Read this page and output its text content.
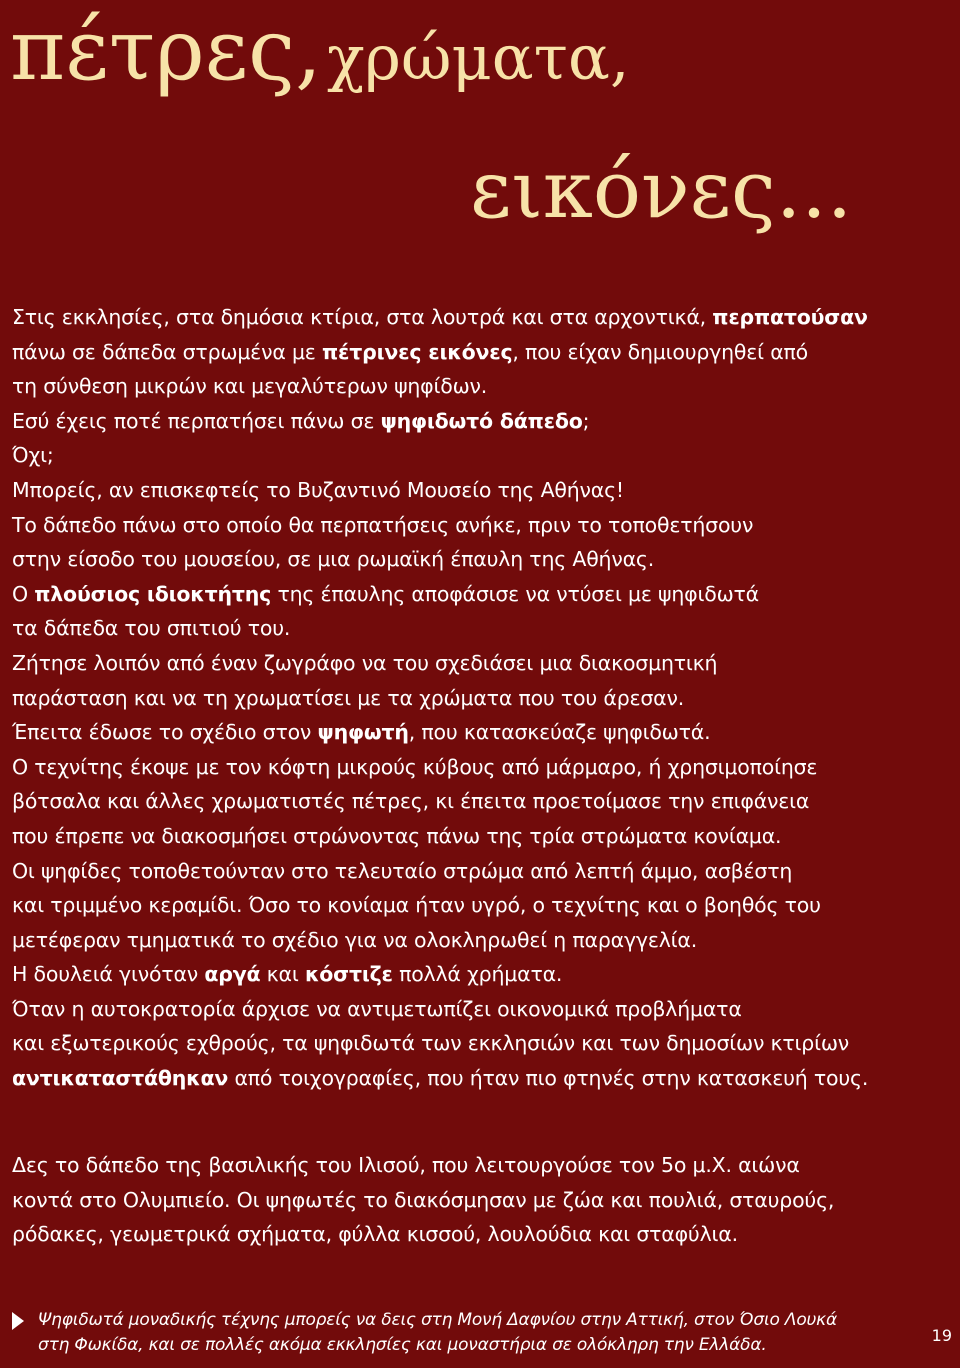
πέτρες, χρώματα,
εικόνες...

Στις εκκλησίες, στα δημόσια κτίρια, στα λουτρά και στα αρχοντικά, περπατούσαν

πάνω σε δάπεδα στρωμένα με πέτρινες εικόνες, που είχαν δημιουργηθεί από

τη σύνθεση μικρών και μεγαλύτερων ψηφίδων.

Εσύ έχεις ποτέ περπατήσει πάνω σε ψηφιδωτό δάπεδο;

Όχι;

Μπορείς, αν επισκεφτείς το Βυζαντινό Μουσείο της Αθήνας!

Το δάπεδο πάνω στο οποίο θα περπατήσεις ανήκε, πριν το τοποθετήσουν

στην είσοδο του μουσείου, σε μια ρωμαϊκή έπαυλη της Αθήνας.

Ο πλούσιος ιδιοκτήτης της έπαυλης αποφάσισε να ντύσει με ψηφιδωτά

τα δάπεδα του σπιτιού του.

Ζήτησε λοιπόν από έναν ζωγράφο να του σχεδιάσει μια διακοσμητική

παράσταση και να τη χρωματίσει με τα χρώματα που του άρεσαν.

Έπειτα έδωσε το σχέδιο στον ψηφωτή, που κατασκεύαζε ψηφιδωτά.

Ο τεχνίτης έκοψε με τον κόφτη μικρούς κύβους από μάρμαρο, ή χρησιμοποίησε

βότσαλα και άλλες χρωματιστές πέτρες, κι έπειτα προετοίμασε την επιφάνεια

που έπρεπε να διακοσμήσει στρώνοντας πάνω της τρία στρώματα κονίαμα.

Οι ψηφίδες τοποθετούνταν στο τελευταίο στρώμα από λεπτή άμμο, ασβέστη

και τριμμένο κεραμίδι. Όσο το κονίαμα ήταν υγρό, ο τεχνίτης και ο βοηθός του

μετέφεραν τμηματικά το σχέδιο για να ολοκληρωθεί η παραγγελία.

Η δουλειά γινόταν αργά και κόστιζε πολλά χρήματα.

Όταν η αυτοκρατορία άρχισε να αντιμετωπίζει οικονομικά προβλήματα

και εξωτερικούς εχθρούς, τα ψηφιδωτά των εκκλησιών και των δημοσίων κτιρίων

αντικαταστάθηκαν από τοιχογραφίες, που ήταν πιο φτηνές στην κατασκευή τους.

Δες το δάπεδο της βασιλικής του Ιλισού, που λειτουργούσε τον 5ο μ.Χ. αιώνα

κοντά στο Ολυμπιείο. Οι ψηφωτές το διακόσμησαν με ζώα και πουλιά, σταυρούς,

ρόδακες, γεωμετρικά σχήματα, φύλλα κισσού, λουλούδια και σταφύλια.

Ψηφιδωτά μοναδικής τέχνης μπορείς να δεις στη Μονή Δαφνίου στην Αττική, στον Όσιο Λουκά

στη Φωκίδα, και σε πολλές ακόμα εκκλησίες και μοναστήρια σε ολόκληρη την Ελλάδα.	19
